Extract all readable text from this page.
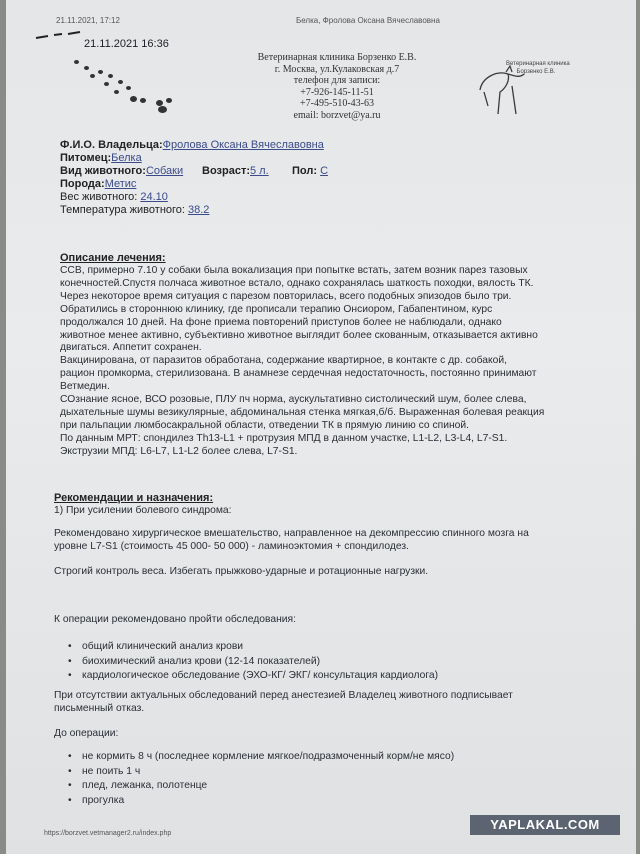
21.11.2021, 17:12	Белка, Фролова Оксана Вячеславовна
21.11.2021 16:36
Ветеринарная клиника Борзенко Е.В.
г. Москва, ул.Кулаковская д.7
телефон для записи:
+7-926-145-11-51
+7-495-510-43-63
email: borzvet@ya.ru
Ветеринарная клиника
Борзенко Е.В.
Ф.И.О. Владельца:Фролова Оксана Вячеславовна
Питомец:Белка
Вид животного:Собаки Возраст:5 л. Пол: С
Порода:Метис
Вес животного: 24.10
Температура животного: 38.2
Описание лечения:
ССВ, примерно 7.10 у собаки была вокализация при попытке встать, затем возник парез тазовых
конечностей.Спустя полчаса животное встало, однако сохранялась шаткость походки, вялость ТК.
Через некоторое время ситуация с парезом повторилась, всего подобных эпизодов было три.
Обратились в стороннюю клинику, где прописали терапию Онсиором, Габапентином, курс
продолжался 10 дней. На фоне приема повторений приступов более не наблюдали, однако
животное менее активно, субъективно животное выглядит более скованным, отказывается активно
двигаться. Аппетит сохранен.
Вакцинирована, от паразитов обработана, содержание квартирное, в контакте с др. собакой,
рацион промкорма, стерилизована. В анамнезе сердечная недостаточность, постоянно принимают
Ветмедин.
СОзнание ясное, ВСО розовые, ПЛУ пч норма, аускультативно систолический шум, более слева,
дыхательные шумы везикулярные, абдоминальная стенка мягкая,б/б. Выраженная болевая реакция
при пальпации люмбосакральной области, отведении ТК в прямую линию со спиной.
По данным МРТ: спондилез Th13-L1 + протрузия МПД в данном участке, L1-L2, L3-L4, L7-S1.
Экструзии МПД: L6-L7, L1-L2 более слева, L7-S1.
Рекомендации и назначения:
1) При усилении болевого синдрома:
Рекомендовано хирургическое вмешательство, направленное на декомпрессию спинного мозга на
уровне L7-S1 (стоимость 45 000- 50 000) - ламиноэктомия + спондилодез.
Строгий контроль веса. Избегать прыжково-ударные и ротационные нагрузки.
К операции рекомендовано пройти обследования:
• общий клинический анализ крови
• биохимический анализ крови (12-14 показателей)
• кардиологическое обследование (ЭХО-КГ/ ЭКГ/ консультация кардиолога)
При отсутствии актуальных обследований перед анестезией Владелец животного подписывает
письменный отказ.
До операции:
• не кормить 8 ч (последнее кормление мягкое/подразмоченный корм/не мясо)
• не поить 1 ч
• плед, лежанка, полотенце
• прогулка
https://borzvet.vetmanager2.ru/index.php
YAPLAKAL.COM
